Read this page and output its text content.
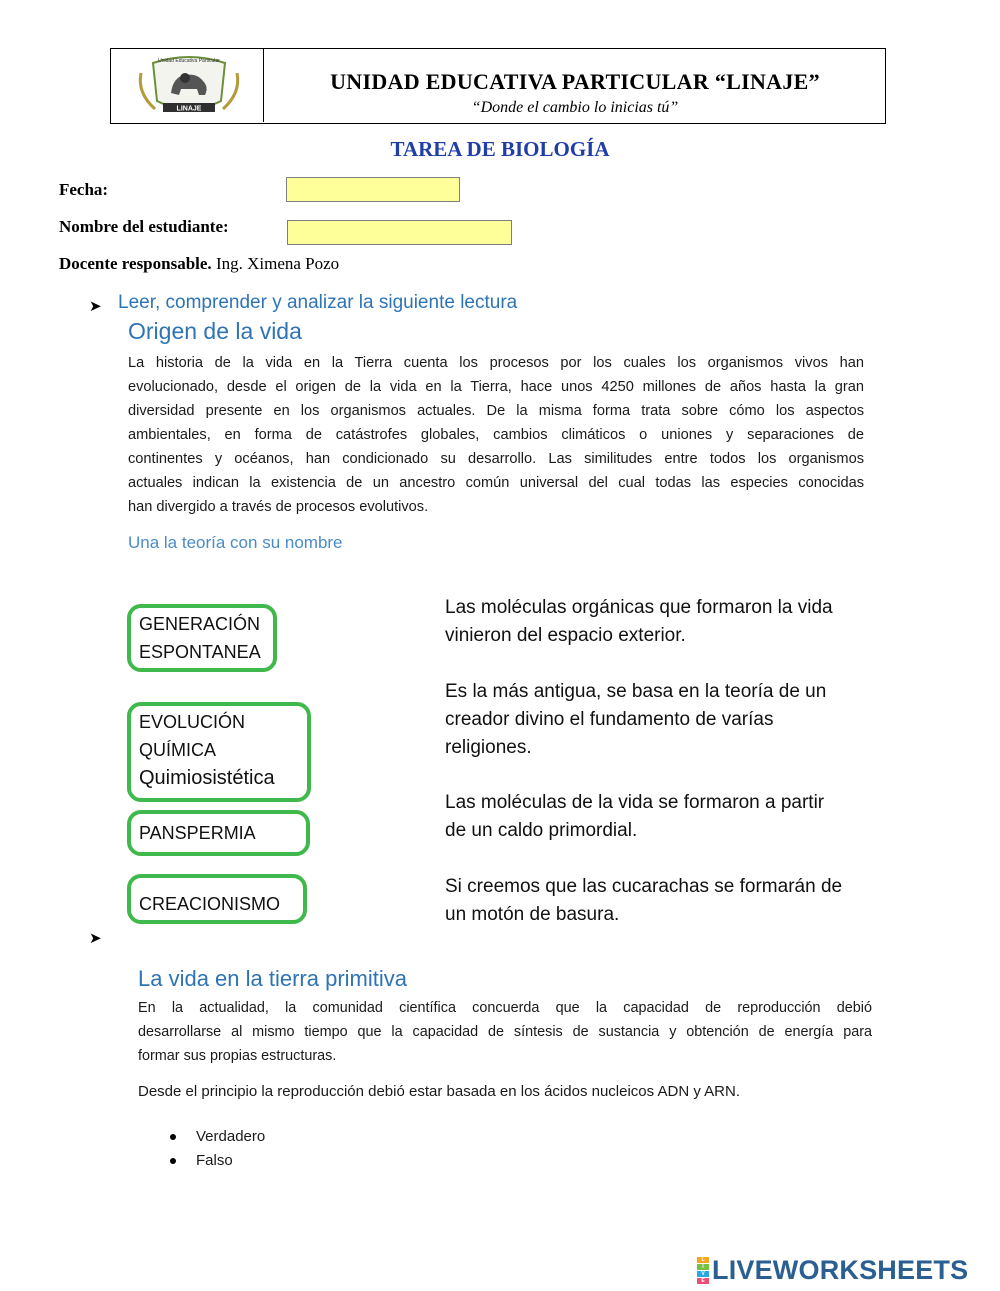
Unidad Educativa Particular
LINAJE
UNIDAD EDUCATIVA PARTICULAR “LINAJE”
“Donde el cambio lo inicias tú”
TAREA DE BIOLOGÍA
Fecha:
Nombre del estudiante:
Docente responsable. Ing. Ximena Pozo
➤ Leer, comprender y analizar la siguiente lectura
Origen de la vida
La historia de la vida en la Tierra cuenta los procesos por los cuales los organismos vivos han
evolucionado, desde el origen de la vida en la Tierra, hace unos 4250 millones de años hasta la gran
diversidad presente en los organismos actuales. De la misma forma trata sobre cómo los aspectos
ambientales, en forma de catástrofes globales, cambios climáticos o uniones y separaciones de
continentes y océanos, han condicionado su desarrollo. Las similitudes entre todos los organismos
actuales indican la existencia de un ancestro común universal del cual todas las especies conocidas
han divergido a través de procesos evolutivos.
Una la teoría con su nombre
GENERACIÓN
ESPONTANEA
EVOLUCIÓN
QUÍMICA
Quimiosistética
PANSPERMIA
CREACIONISMO
Las moléculas orgánicas que formaron la vida
vinieron del espacio exterior.
Es la más antigua, se basa en la teoría de un
creador divino el fundamento de varías
religiones.
Las moléculas de la vida se formaron a partir
de un caldo primordial.
Si creemos que las cucarachas se formarán de
un motón de basura.
➤
La vida en la tierra primitiva
En la actualidad, la comunidad científica concuerda que la capacidad de reproducción debió
desarrollarse al mismo tiempo que la capacidad de síntesis de sustancia y obtención de energía para
formar sus propias estructuras.
Desde el principio la reproducción debió estar basada en los ácidos nucleicos ADN y ARN.
Verdadero
Falso
L
I
V
E LIVEWORKSHEETS
